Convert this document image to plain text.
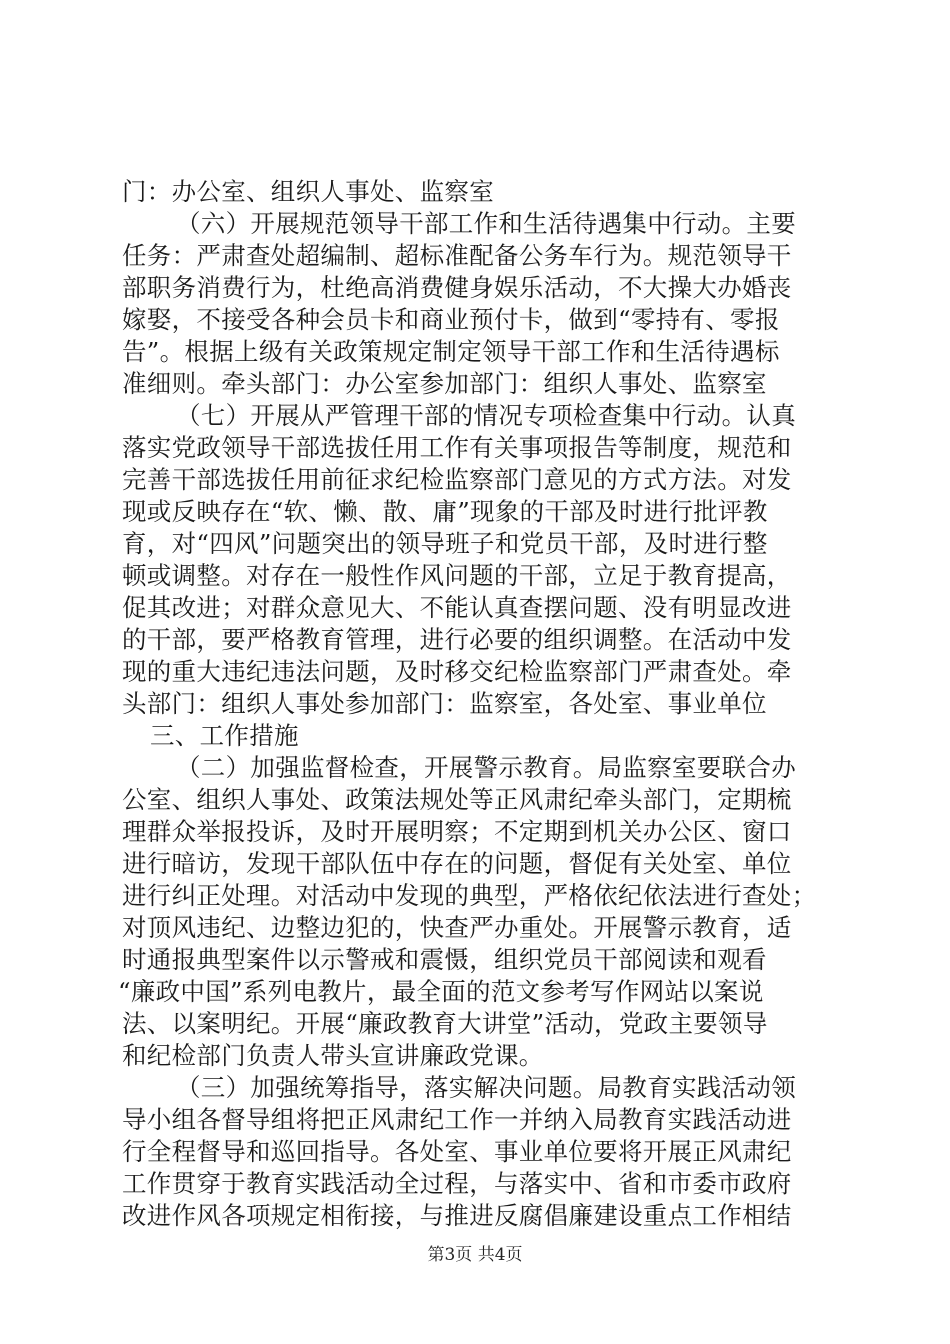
门：办公室、组织人事处、监察室
（六）开展规范领导干部工作和生活待遇集中行动。主要
任务：严肃查处超编制、超标准配备公务车行为。规范领导干
部职务消费行为，杜绝高消费健身娱乐活动，不大操大办婚丧
嫁娶，不接受各种会员卡和商业预付卡，做到“零持有、零报
告”。根据上级有关政策规定制定领导干部工作和生活待遇标
准细则。牵头部门：办公室参加部门：组织人事处、监察室
（七）开展从严管理干部的情况专项检查集中行动。认真
落实党政领导干部选拔任用工作有关事项报告等制度，规范和
完善干部选拔任用前征求纪检监察部门意见的方式方法。对发
现或反映存在“软、懒、散、庸”现象的干部及时进行批评教
育，对“四风”问题突出的领导班子和党员干部，及时进行整
顿或调整。对存在一般性作风问题的干部，立足于教育提高，
促其改进；对群众意见大、不能认真查摆问题、没有明显改进
的干部，要严格教育管理，进行必要的组织调整。在活动中发
现的重大违纪违法问题，及时移交纪检监察部门严肃查处。牵
头部门：组织人事处参加部门：监察室，各处室、事业单位
三、工作措施
（二）加强监督检查，开展警示教育。局监察室要联合办
公室、组织人事处、政策法规处等正风肃纪牵头部门，定期梳
理群众举报投诉，及时开展明察；不定期到机关办公区、窗口
进行暗访，发现干部队伍中存在的问题，督促有关处室、单位
进行纠正处理。对活动中发现的典型，严格依纪依法进行查处；
对顶风违纪、边整边犯的，快查严办重处。开展警示教育，适
时通报典型案件以示警戒和震慑，组织党员干部阅读和观看
“廉政中国”系列电教片，最全面的范文参考写作网站以案说
法、以案明纪。开展“廉政教育大讲堂”活动，党政主要领导
和纪检部门负责人带头宣讲廉政党课。
（三）加强统筹指导，落实解决问题。局教育实践活动领
导小组各督导组将把正风肃纪工作一并纳入局教育实践活动进
行全程督导和巡回指导。各处室、事业单位要将开展正风肃纪
工作贯穿于教育实践活动全过程，与落实中、省和市委市政府
改进作风各项规定相衔接，与推进反腐倡廉建设重点工作相结
第3页 共4页
